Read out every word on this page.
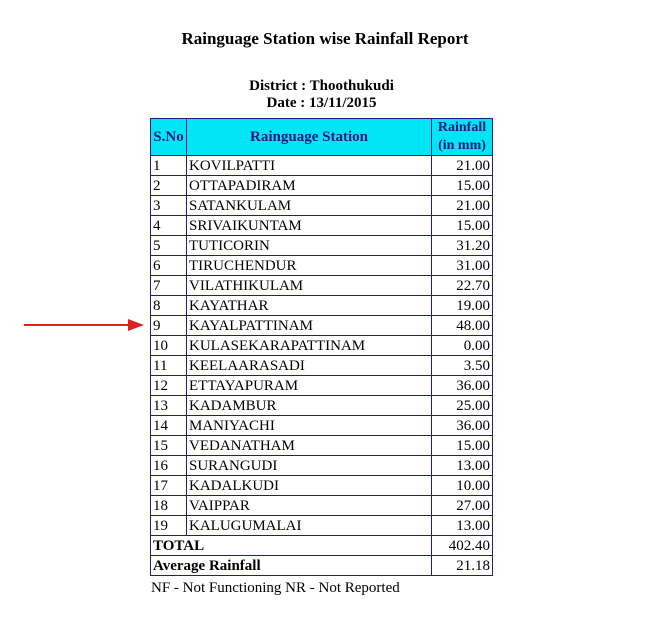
Rainguage Station wise Rainfall Report
District : Thoothukudi
Date : 13/11/2015
S.No	Rainguage Station	Rainfall
(in mm)
1	KOVILPATTI	21.00
2	OTTAPADIRAM	15.00
3	SATANKULAM	21.00
4	SRIVAIKUNTAM	15.00
5	TUTICORIN	31.20
6	TIRUCHENDUR	31.00
7	VILATHIKULAM	22.70
8	KAYATHAR	19.00
9	KAYALPATTINAM	48.00
10	KULASEKARAPATTINAM	0.00
11	KEELAARASADI	3.50
12	ETTAYAPURAM	36.00
13	KADAMBUR	25.00
14	MANIYACHI	36.00
15	VEDANATHAM	15.00
16	SURANGUDI	13.00
17	KADALKUDI	10.00
18	VAIPPAR	27.00
19	KALUGUMALAI	13.00
TOTAL		402.40
Average Rainfall		21.18
NF - Not Functioning NR - Not Reported
